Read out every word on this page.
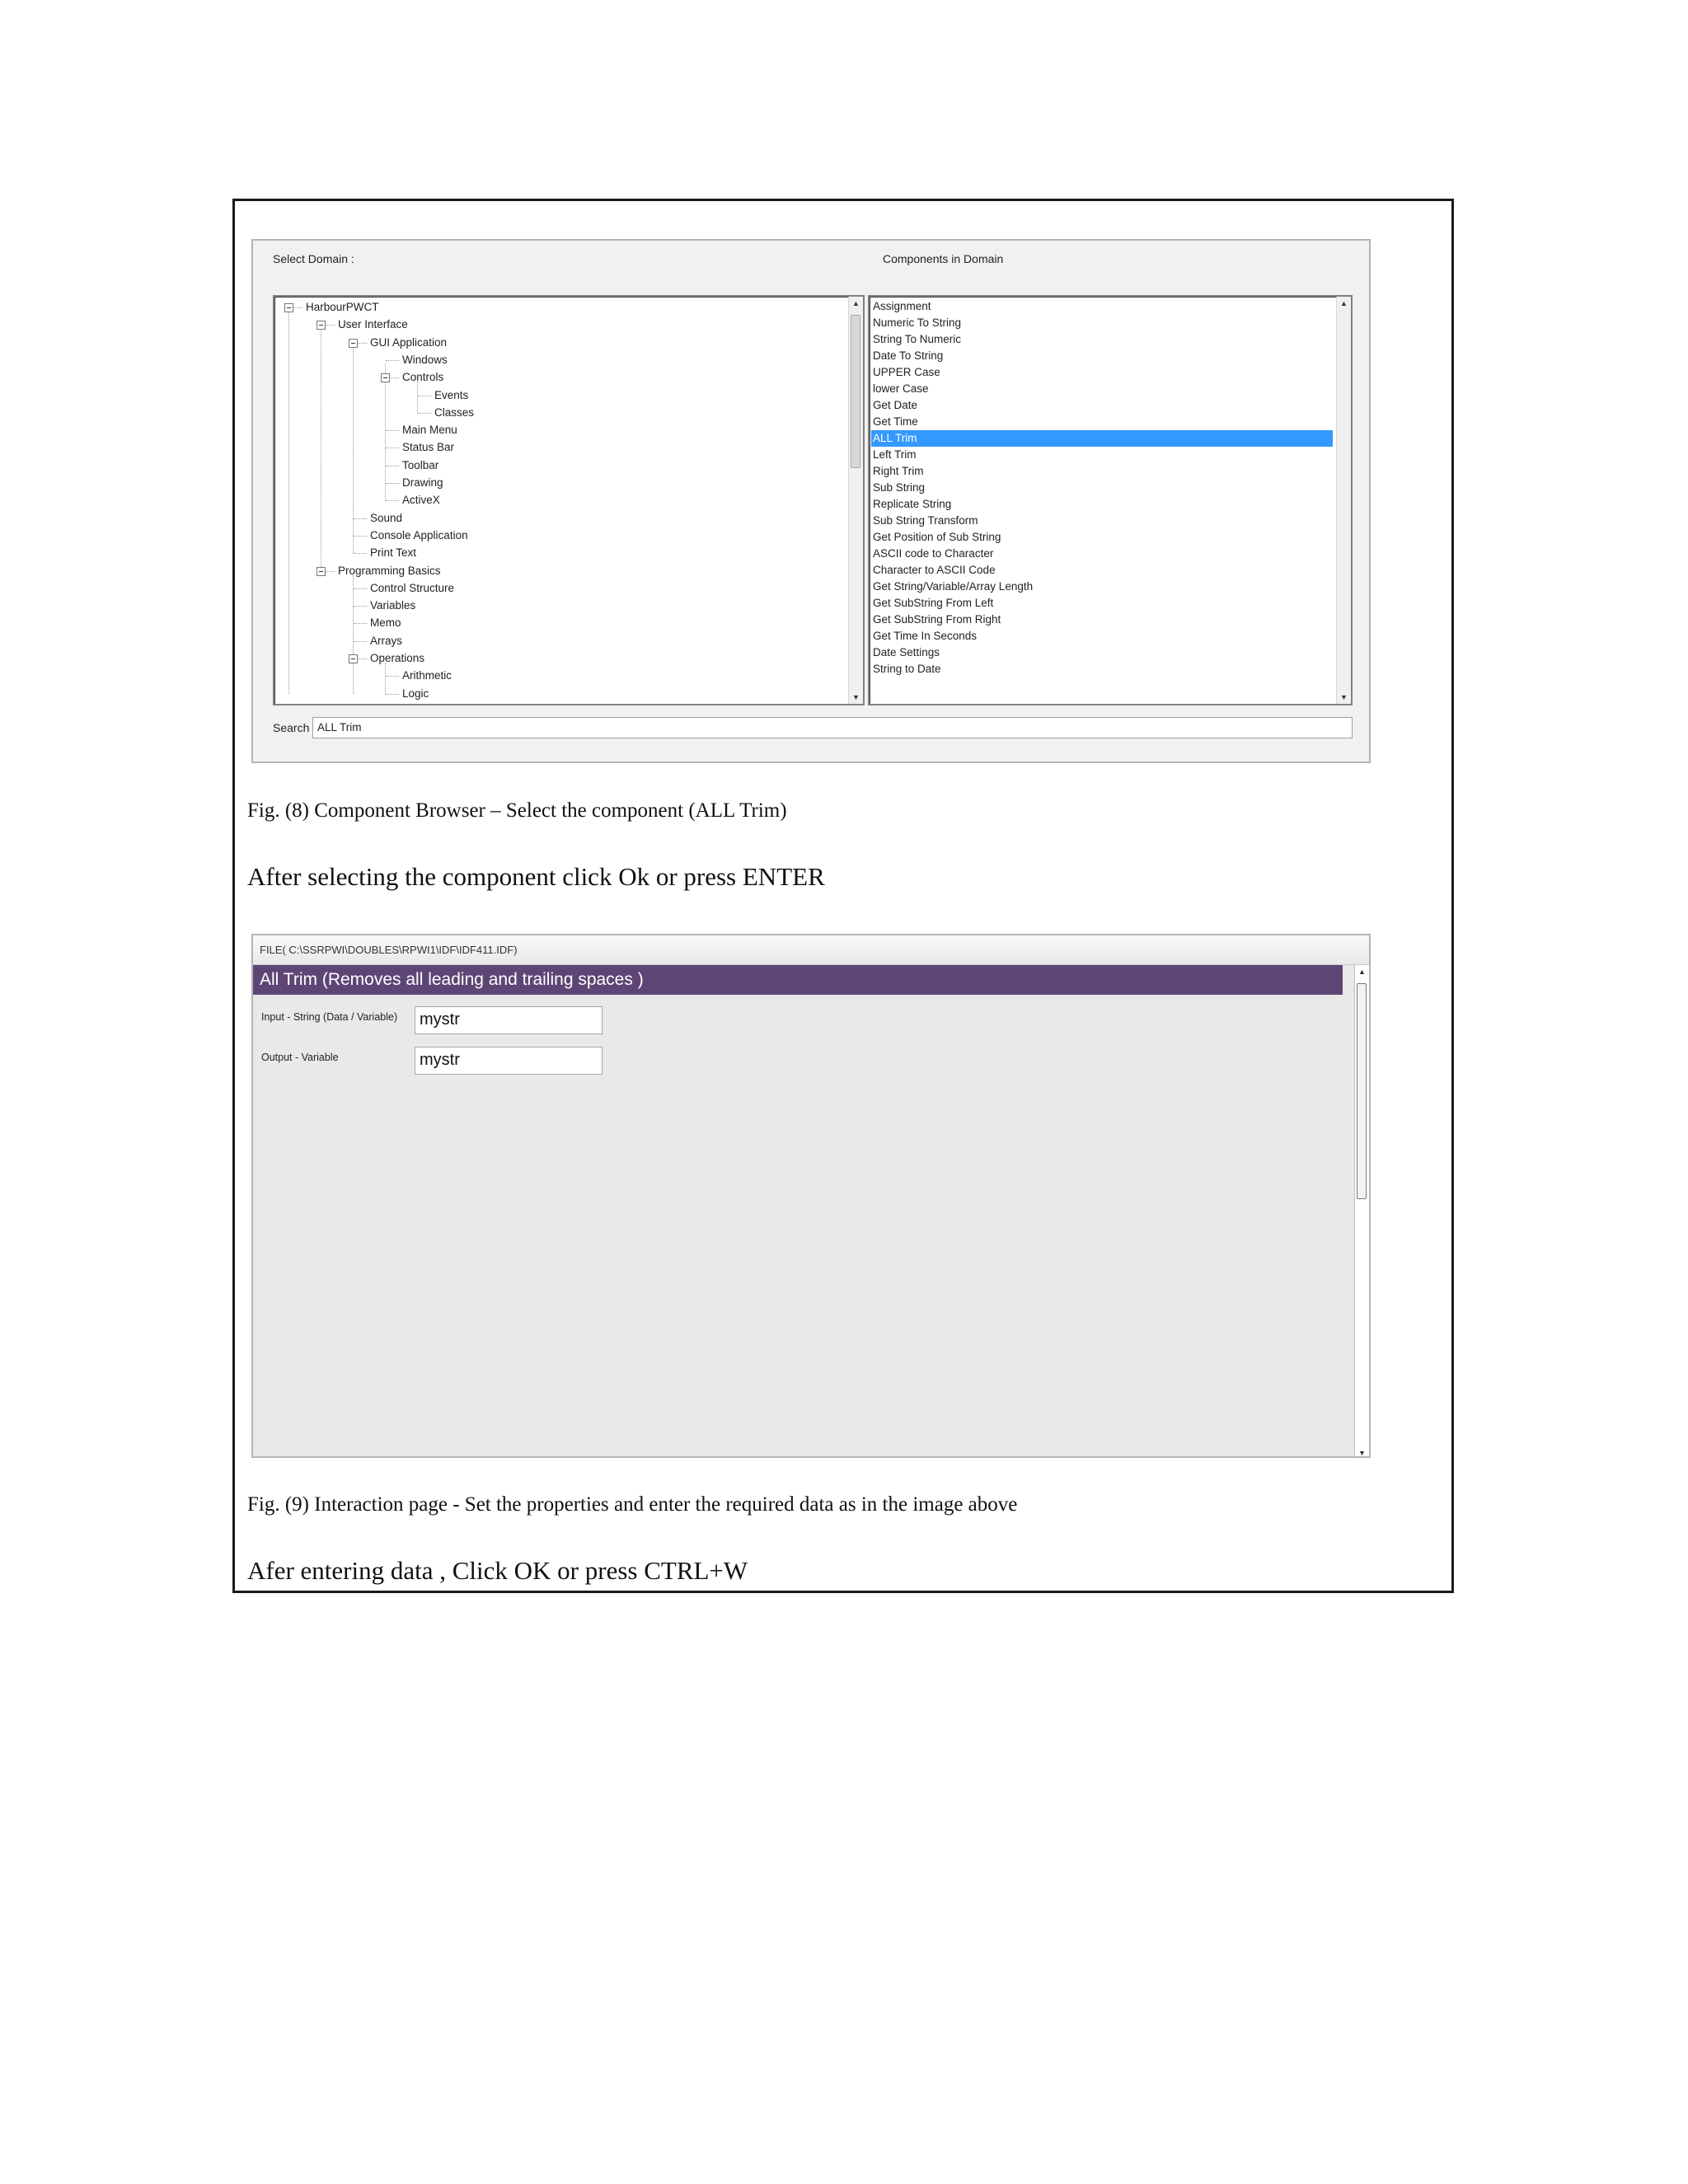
Select Domain :	Components in Domain
▲
▼
HarbourPWCT
User Interface
GUI Application
Windows
Controls
Events
Classes
Main Menu
Status Bar
Toolbar
Drawing
ActiveX
Sound
Console Application
Print Text
Programming Basics
Control Structure
Variables
Memo
Arrays
Operations
Arithmetic
Logic
String to Date
Date Settings
Get Time In Seconds
Get SubString From Right
Get SubString From Left
Get String/Variable/Array Length
Character to ASCII Code
ASCII code to Character
Get Position of Sub String
Sub String Transform
Replicate String
Sub String
Right Trim
Left Trim
ALL Trim
Get Time
Get Date
lower Case
UPPER Case
Date To String
String To Numeric
Numeric To String
Assignment	▲
▼
Search ALL Trim
Fig. (8) Component Browser – Select the component (ALL Trim)
After selecting the component click Ok or press ENTER
FILE( C:\SSRPWI\DOUBLES\RPWI1\IDF\IDF411.IDF)
All Trim (Removes all leading and trailing spaces )
Input - String (Data / Variable)	mystr
Output - Variable	mystr
▲
▼
Fig. (9) Interaction page - Set the properties and enter the required data as in the image above
Afer entering data , Click OK or press CTRL+W
